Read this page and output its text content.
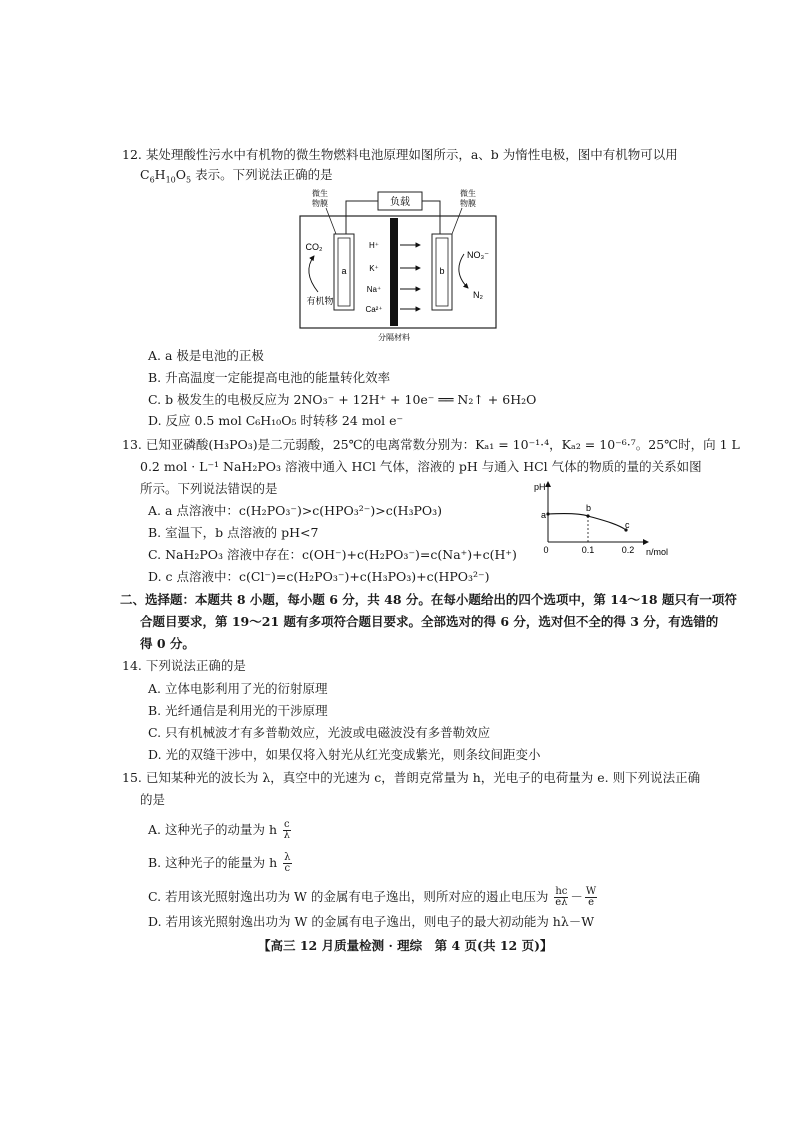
12. 某处理酸性污水中有机物的微生物燃料电池原理如图所示，a、b 为惰性电极，图中有机物可以用
$C_6H_{10}O_5$ 表示。下列说法正确的是
负载
微生
物膜
微生
物膜
a	b
分隔材料
H⁺
K⁺
Na⁺
Ca²⁺
CO₂
有机物
NO₃⁻
N₂
A. a 极是电池的正极
B. 升高温度一定能提高电池的能量转化效率
C. b 极发生的电极反应为 2NO₃⁻ + 12H⁺ + 10e⁻ ══ N₂↑ + 6H₂O
D. 反应 0.5 mol C₆H₁₀O₅ 时转移 24 mol e⁻
13. 已知亚磷酸(H₃PO₃)是二元弱酸，25℃的电离常数分别为：Kₐ₁ = 10⁻¹·⁴，Kₐ₂ = 10⁻⁶·⁷。25℃时，向 1 L
0.2 mol · L⁻¹ NaH₂PO₃ 溶液中通入 HCl 气体，溶液的 pH 与通入 HCl 气体的物质的量的关系如图
所示。下列说法错误的是
A. a 点溶液中：c(H₂PO₃⁻)>c(HPO₃²⁻)>c(H₃PO₃)
B. 室温下，b 点溶液的 pH<7
C. NaH₂PO₃ 溶液中存在：c(OH⁻)+c(H₂PO₃⁻)=c(Na⁺)+c(H⁺)
D. c 点溶液中：c(Cl⁻)=c(H₂PO₃⁻)+c(H₃PO₃)+c(HPO₃²⁻)
pH
n/mol
0	0.1	0.2
a
b
c
二、选择题：本题共 8 小题，每小题 6 分，共 48 分。在每小题给出的四个选项中，第 14～18 题只有一项符
合题目要求，第 19～21 题有多项符合题目要求。全部选对的得 6 分，选对但不全的得 3 分，有选错的
得 0 分。
14. 下列说法正确的是
A. 立体电影利用了光的衍射原理
B. 光纤通信是利用光的干涉原理
C. 只有机械波才有多普勒效应，光波或电磁波没有多普勒效应
D. 光的双缝干涉中，如果仅将入射光从红光变成紫光，则条纹间距变小
15. 已知某种光的波长为 λ，真空中的光速为 c，普朗克常量为 h，光电子的电荷量为 e. 则下列说法正确
的是
A. 这种光子的动量为 h $\frac{c}{\lambda}$
B. 这种光子的能量为 h $\frac{\lambda}{c}$
C. 若用该光照射逸出功为 W 的金属有电子逸出，则所对应的遏止电压为 $\frac{hc}{e\lambda} - \frac{W}{e}$
D. 若用该光照射逸出功为 W 的金属有电子逸出，则电子的最大初动能为 hλ－W
【高三 12 月质量检测 · 理综　第 4 页(共 12 页)】
